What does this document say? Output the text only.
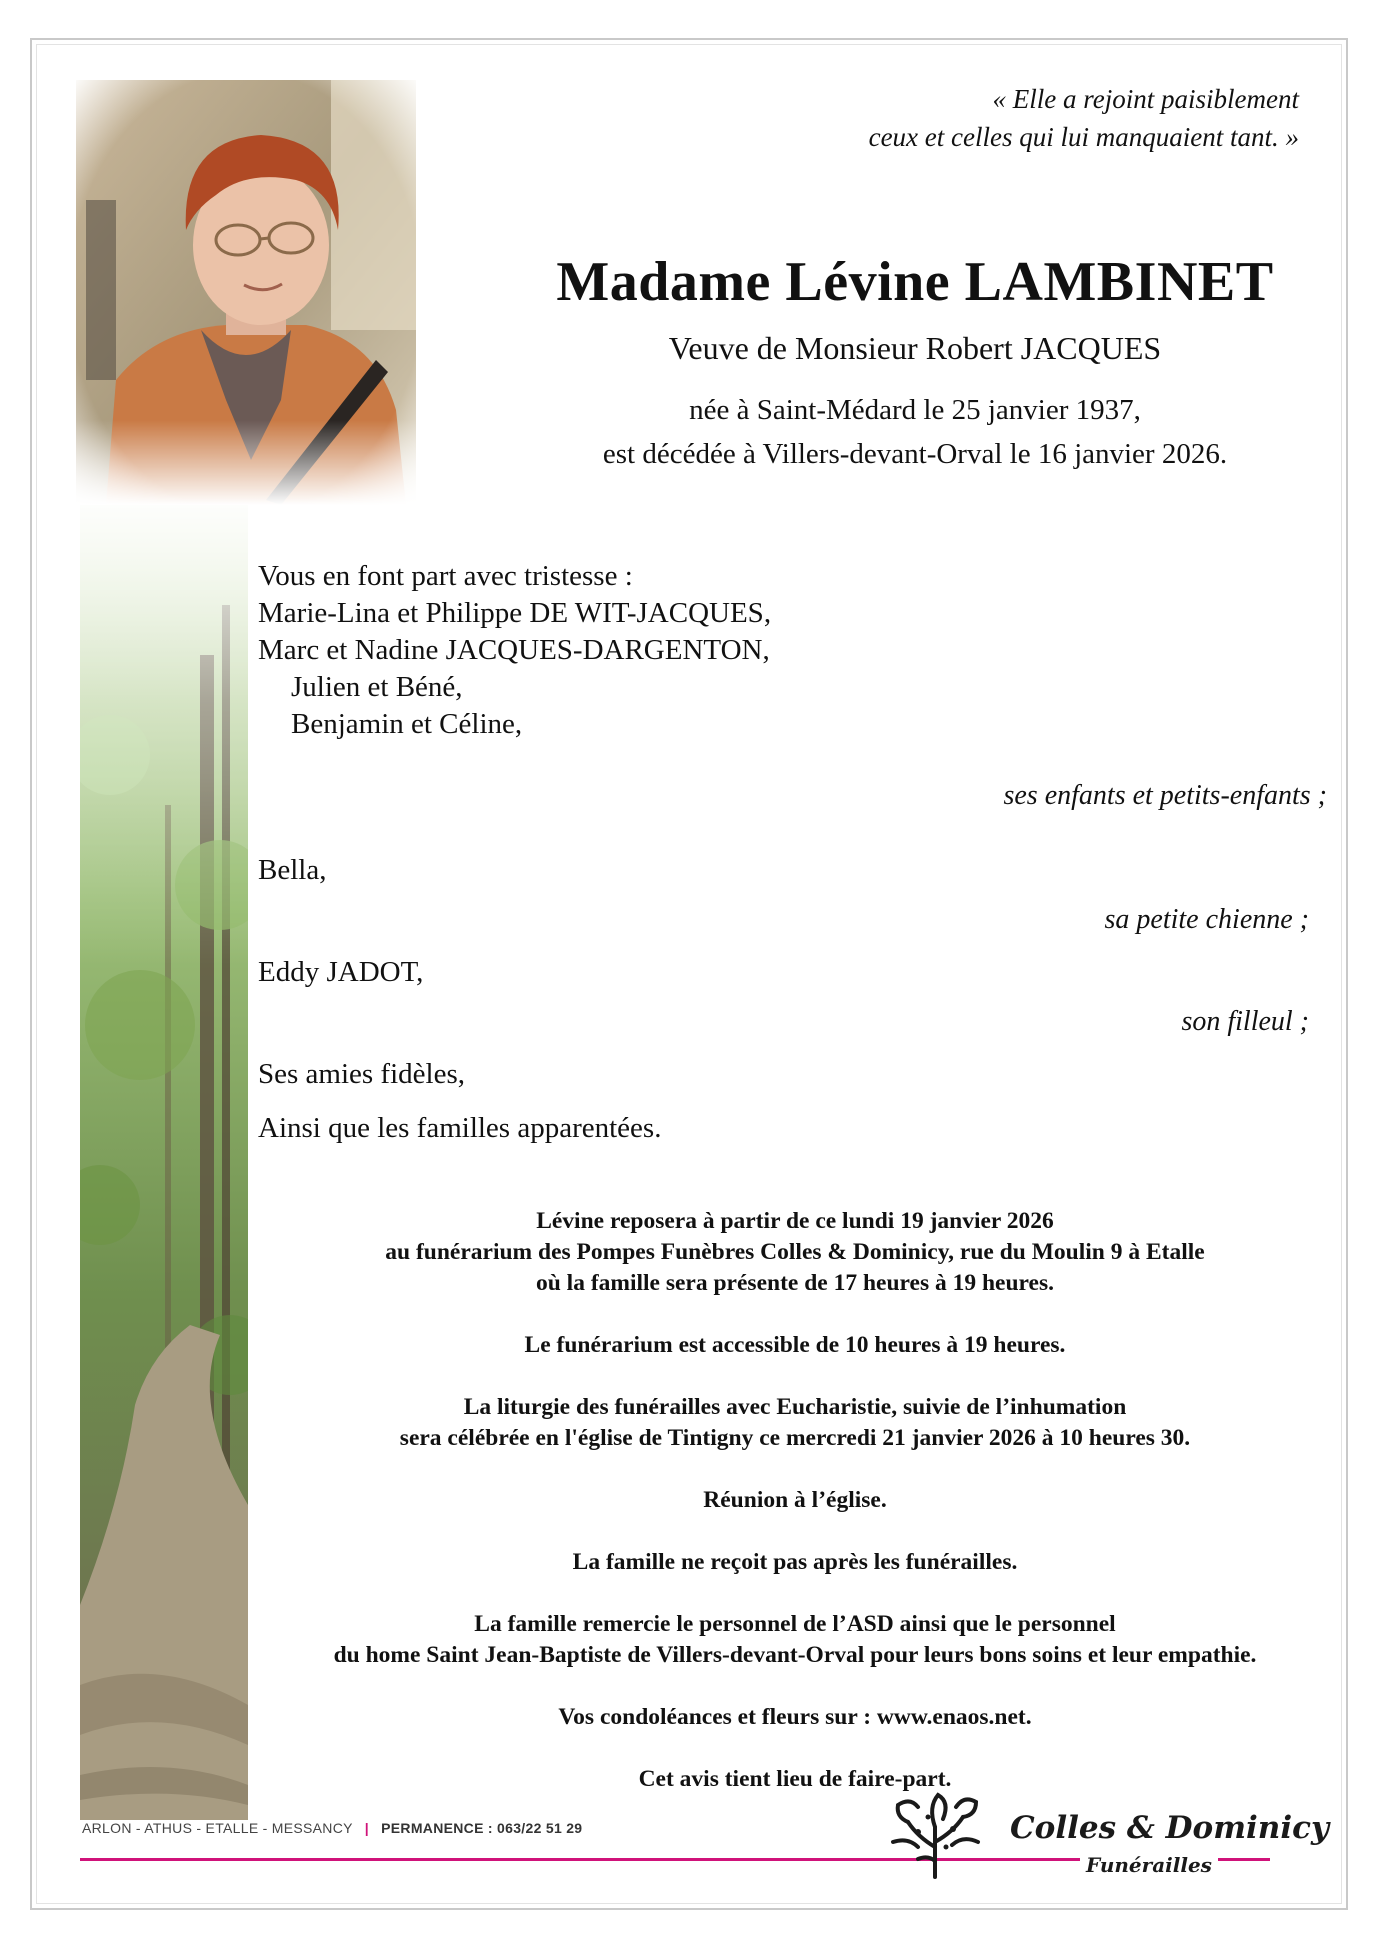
« Elle a rejoint paisiblement
ceux et celles qui lui manquaient tant. »
Madame Lévine LAMBINET
Veuve de Monsieur Robert JACQUES
née à Saint-Médard le 25 janvier 1937,
est décédée à Villers-devant-Orval le 16 janvier 2026.
Vous en font part avec tristesse :
Marie-Lina et Philippe DE WIT-JACQUES,
Marc et Nadine JACQUES-DARGENTON,
Julien et Béné,
Benjamin et Céline,
ses enfants et petits-enfants ;
Bella,
sa petite chienne ;
Eddy JADOT,
son filleul ;
Ses amies fidèles,
Ainsi que les familles apparentées.

Lévine reposera à partir de ce lundi 19 janvier 2026
au funérarium des Pompes Funèbres Colles & Dominicy, rue du Moulin 9 à Etalle
où la famille sera présente de 17 heures à 19 heures.

Le funérarium est accessible de 10 heures à 19 heures.

La liturgie des funérailles avec Eucharistie, suivie de l’inhumation
sera célébrée en l'église de Tintigny ce mercredi 21 janvier 2026 à 10 heures 30.

Réunion à l’église.

La famille ne reçoit pas après les funérailles.

La famille remercie le personnel de l’ASD ainsi que le personnel
du home Saint Jean-Baptiste de Villers-devant-Orval pour leurs bons soins et leur empathie.

Vos condoléances et fleurs sur : www.enaos.net.

Cet avis tient lieu de faire-part.

ARLON - ATHUS - ETALLE - MESSANCY | PERMANENCE : 063/22 51 29	Colles & Dominicy
Funérailles
